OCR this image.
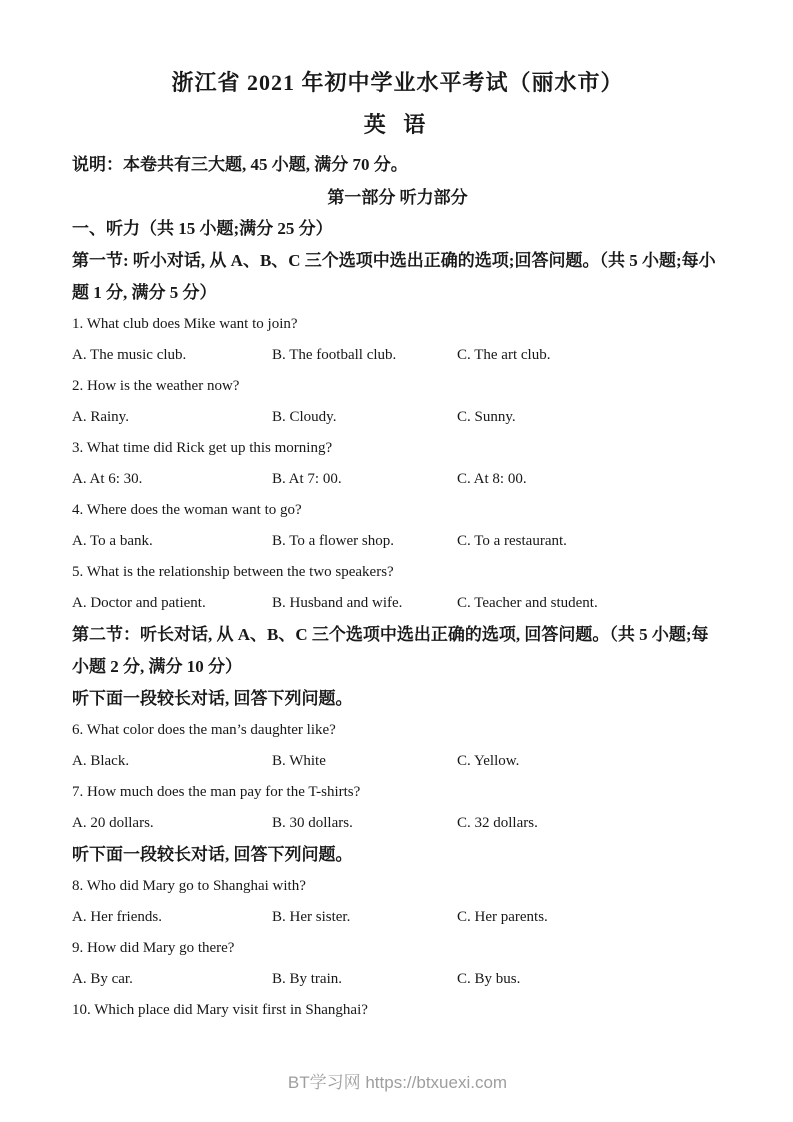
浙江省 2021 年初中学业水平考试（丽水市）

英 语

说明：本卷共有三大题, 45 小题, 满分 70 分。

第一部分 听力部分

一、听力（共 15 小题;满分 25 分）

第一节: 听小对话, 从 A、B、C 三个选项中选出正确的选项;回答问题。（共 5 小题;每小题 1 分, 满分 5 分）

1. What club does Mike want to join?

A. The music club.	B. The football club.	C. The art club.

2. How is the weather now?

A. Rainy.	B. Cloudy.	C. Sunny.

3. What time did Rick get up this morning?

A. At 6: 30.	B. At 7: 00.	C. At 8: 00.

4. Where does the woman want to go?

A. To a bank.	B. To a flower shop.	C. To a restaurant.

5. What is the relationship between the two speakers?

A. Doctor and patient.	B. Husband and wife.	C. Teacher and student.

第二节：听长对话, 从 A、B、C 三个选项中选出正确的选项, 回答问题。（共 5 小题;每小题 2 分, 满分 10 分）

听下面一段较长对话, 回答下列问题。

6. What color does the man’s daughter like?

A. Black.	B. White	C. Yellow.

7. How much does the man pay for the T-shirts?

A. 20 dollars.	B. 30 dollars.	C. 32 dollars.

听下面一段较长对话, 回答下列问题。

8. Who did Mary go to Shanghai with?

A. Her friends.	B. Her sister.	C. Her parents.

9. How did Mary go there?

A. By car.	B. By train.	C. By bus.

10. Which place did Mary visit first in Shanghai?

BT学习网 https://btxuexi.com
